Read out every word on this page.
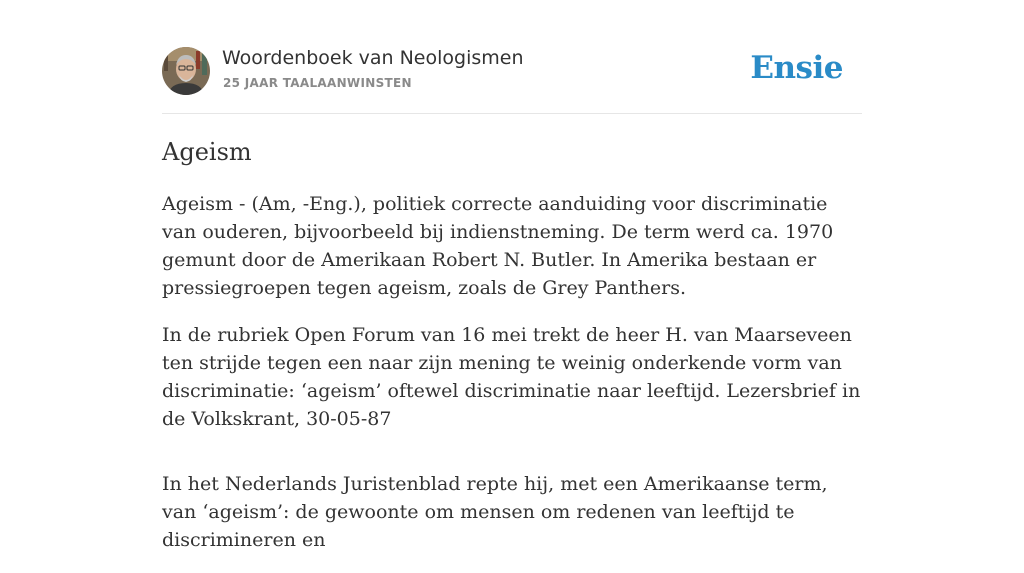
Woordenboek van Neologismen
25 JAAR TAALAANWINSTEN	Ensie
Ageism

Ageism - (Am, -Eng.), politiek correcte aanduiding voor discriminatie van ouderen, bijvoorbeeld bij indienstneming. De term werd ca. 1970 gemunt door de Amerikaan Robert N. Butler. In Amerika bestaan er pressiegroepen tegen ageism, zoals de Grey Panthers.

In de rubriek Open Forum van 16 mei trekt de heer H. van Maarseveen ten strijde tegen een naar zijn mening te weinig onderkende vorm van discriminatie: ‘ageism’ oftewel discriminatie naar leeftijd. Lezersbrief in de Volkskrant, 30-05-87

In het Nederlands Juristenblad repte hij, met een Amerikaanse term, van ‘ageism’: de gewoonte om mensen om redenen van leeftijd te discrimineren en
